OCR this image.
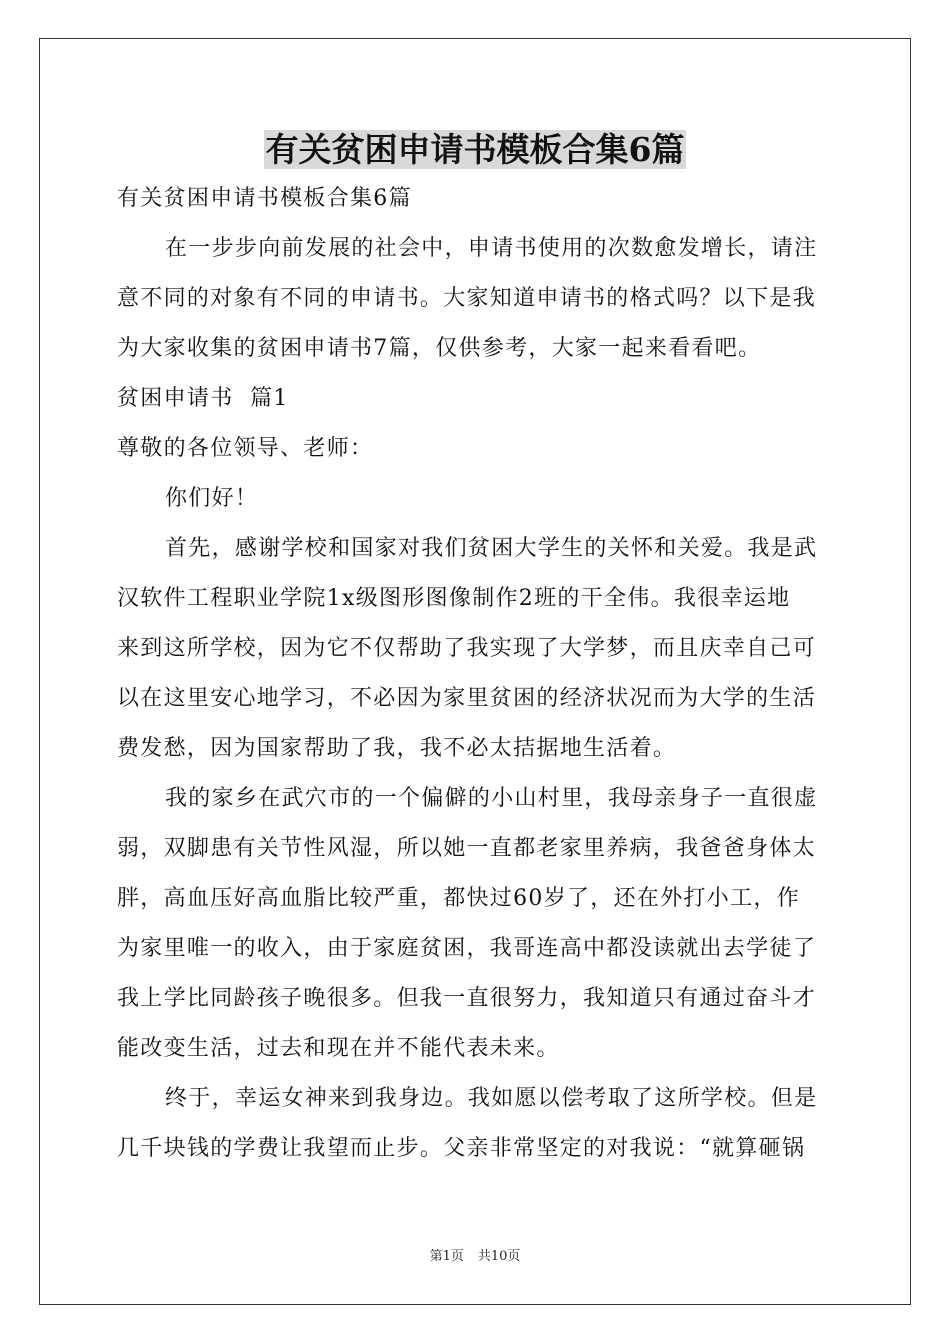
有关贫困申请书模板合集6篇

有关贫困申请书模板合集6篇

在一步步向前发展的社会中，申请书使用的次数愈发增长，请注

意不同的对象有不同的申请书。大家知道申请书的格式吗？以下是我

为大家收集的贫困申请书7篇，仅供参考，大家一起来看看吧。

贫困申请书  篇1

尊敬的各位领导、老师：

你们好！

首先，感谢学校和国家对我们贫困大学生的关怀和关爱。我是武

汉软件工程职业学院1x级图形图像制作2班的干全伟。我很幸运地

来到这所学校，因为它不仅帮助了我实现了大学梦，而且庆幸自己可

以在这里安心地学习，不必因为家里贫困的经济状况而为大学的生活

费发愁，因为国家帮助了我，我不必太拮据地生活着。

我的家乡在武穴市的一个偏僻的小山村里，我母亲身子一直很虚

弱，双脚患有关节性风湿，所以她一直都老家里养病，我爸爸身体太

胖，高血压好高血脂比较严重，都快过60岁了，还在外打小工，作

为家里唯一的收入，由于家庭贫困，我哥连高中都没读就出去学徒了

我上学比同龄孩子晚很多。但我一直很努力，我知道只有通过奋斗才

能改变生活，过去和现在并不能代表未来。

终于，幸运女神来到我身边。我如愿以偿考取了这所学校。但是

几千块钱的学费让我望而止步。父亲非常坚定的对我说：“就算砸锅

第1页 共10页
